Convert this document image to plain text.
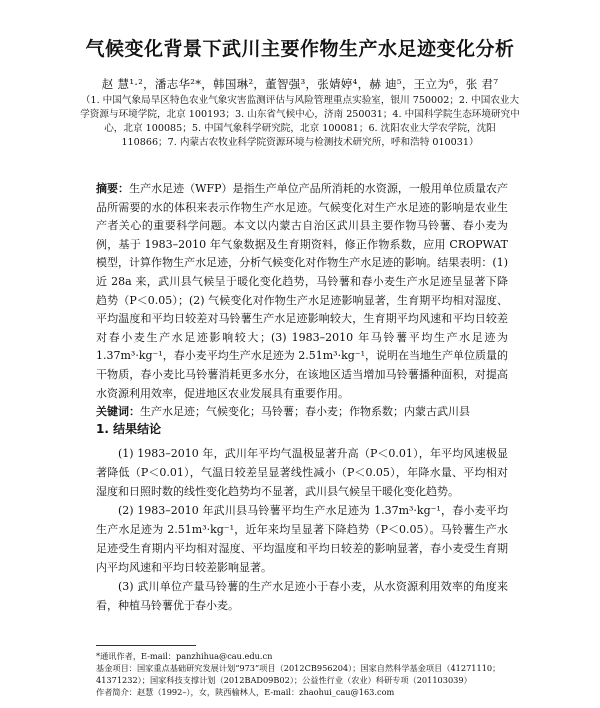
气候变化背景下武川主要作物生产水足迹变化分析
赵 慧¹·²，潘志华²*，韩国琳²，董智强³，张婧婷⁴，赫 迪⁵，王立为⁶，张 君⁷
（1. 中国气象局旱区特色农业气象灾害监测评估与风险管理重点实验室，银川 750002；2. 中国农业大学资源与环境学院，北京 100193；3. 山东省气候中心，济南 250031；4. 中国科学院生态环境研究中心，北京 100085；5. 中国气象科学研究院，北京 100081；6. 沈阳农业大学农学院，沈阳 110866；7. 内蒙古农牧业科学院资源环境与检测技术研究所，呼和浩特 010031）
摘要：生产水足迹（WFP）是指生产单位产品所消耗的水资源，一般用单位质量农产品所需要的水的体积来表示作物生产水足迹。气候变化对生产水足迹的影响是农业生产者关心的重要科学问题。本文以内蒙古自治区武川县主要作物马铃薯、春小麦为例，基于 1983–2010 年气象数据及生育期资料，修正作物系数，应用 CROPWAT 模型，计算作物生产水足迹，分析气候变化对作物生产水足迹的影响。结果表明：(1) 近 28a 来，武川县气候呈于暖化变化趋势，马铃薯和春小麦生产水足迹呈显著下降趋势（P＜0.05）；(2) 气候变化对作物生产水足迹影响显著，生育期平均相对湿度、平均温度和平均日较差对马铃薯生产水足迹影响较大，生育期平均风速和平均日较差对春小麦生产水足迹影响较大；(3) 1983–2010 年马铃薯平均生产水足迹为 1.37m³·kg⁻¹，春小麦平均生产水足迹为 2.51m³·kg⁻¹，说明在当地生产单位质量的干物质，春小麦比马铃薯消耗更多水分，在该地区适当增加马铃薯播种面积，对提高水资源利用效率，促进地区农业发展具有重要作用。
关键词：生产水足迹；气候变化；马铃薯；春小麦；作物系数；内蒙古武川县
1. 结果结论

(1) 1983–2010 年，武川年平均气温极显著升高（P＜0.01），年平均风速极显著降低（P＜0.01），气温日较差呈显著线性减小（P＜0.05），年降水量、平均相对湿度和日照时数的线性变化趋势均不显著，武川县气候呈干暖化变化趋势。

(2) 1983–2010 年武川县马铃薯平均生产水足迹为 1.37m³·kg⁻¹，春小麦平均生产水足迹为 2.51m³·kg⁻¹，近年来均呈显著下降趋势（P＜0.05）。马铃薯生产水足迹受生育期内平均相对湿度、平均温度和平均日较差的影响显著，春小麦受生育期内平均风速和平均日较差影响显著。

(3) 武川单位产量马铃薯的生产水足迹小于春小麦，从水资源利用效率的角度来看，种植马铃薯优于春小麦。

*通讯作者，E-mail：panzhihua@cau.edu.cn
基金项目：国家重点基础研究发展计划“973”项目（2012CB956204）；国家自然科学基金项目（41271110；
41371232）；国家科技支撑计划（2012BAD09B02）；公益性行业（农业）科研专项（201103039）
作者简介：赵慧（1992–），女，陕西榆林人，E-mail：zhaohui_cau@163.com
